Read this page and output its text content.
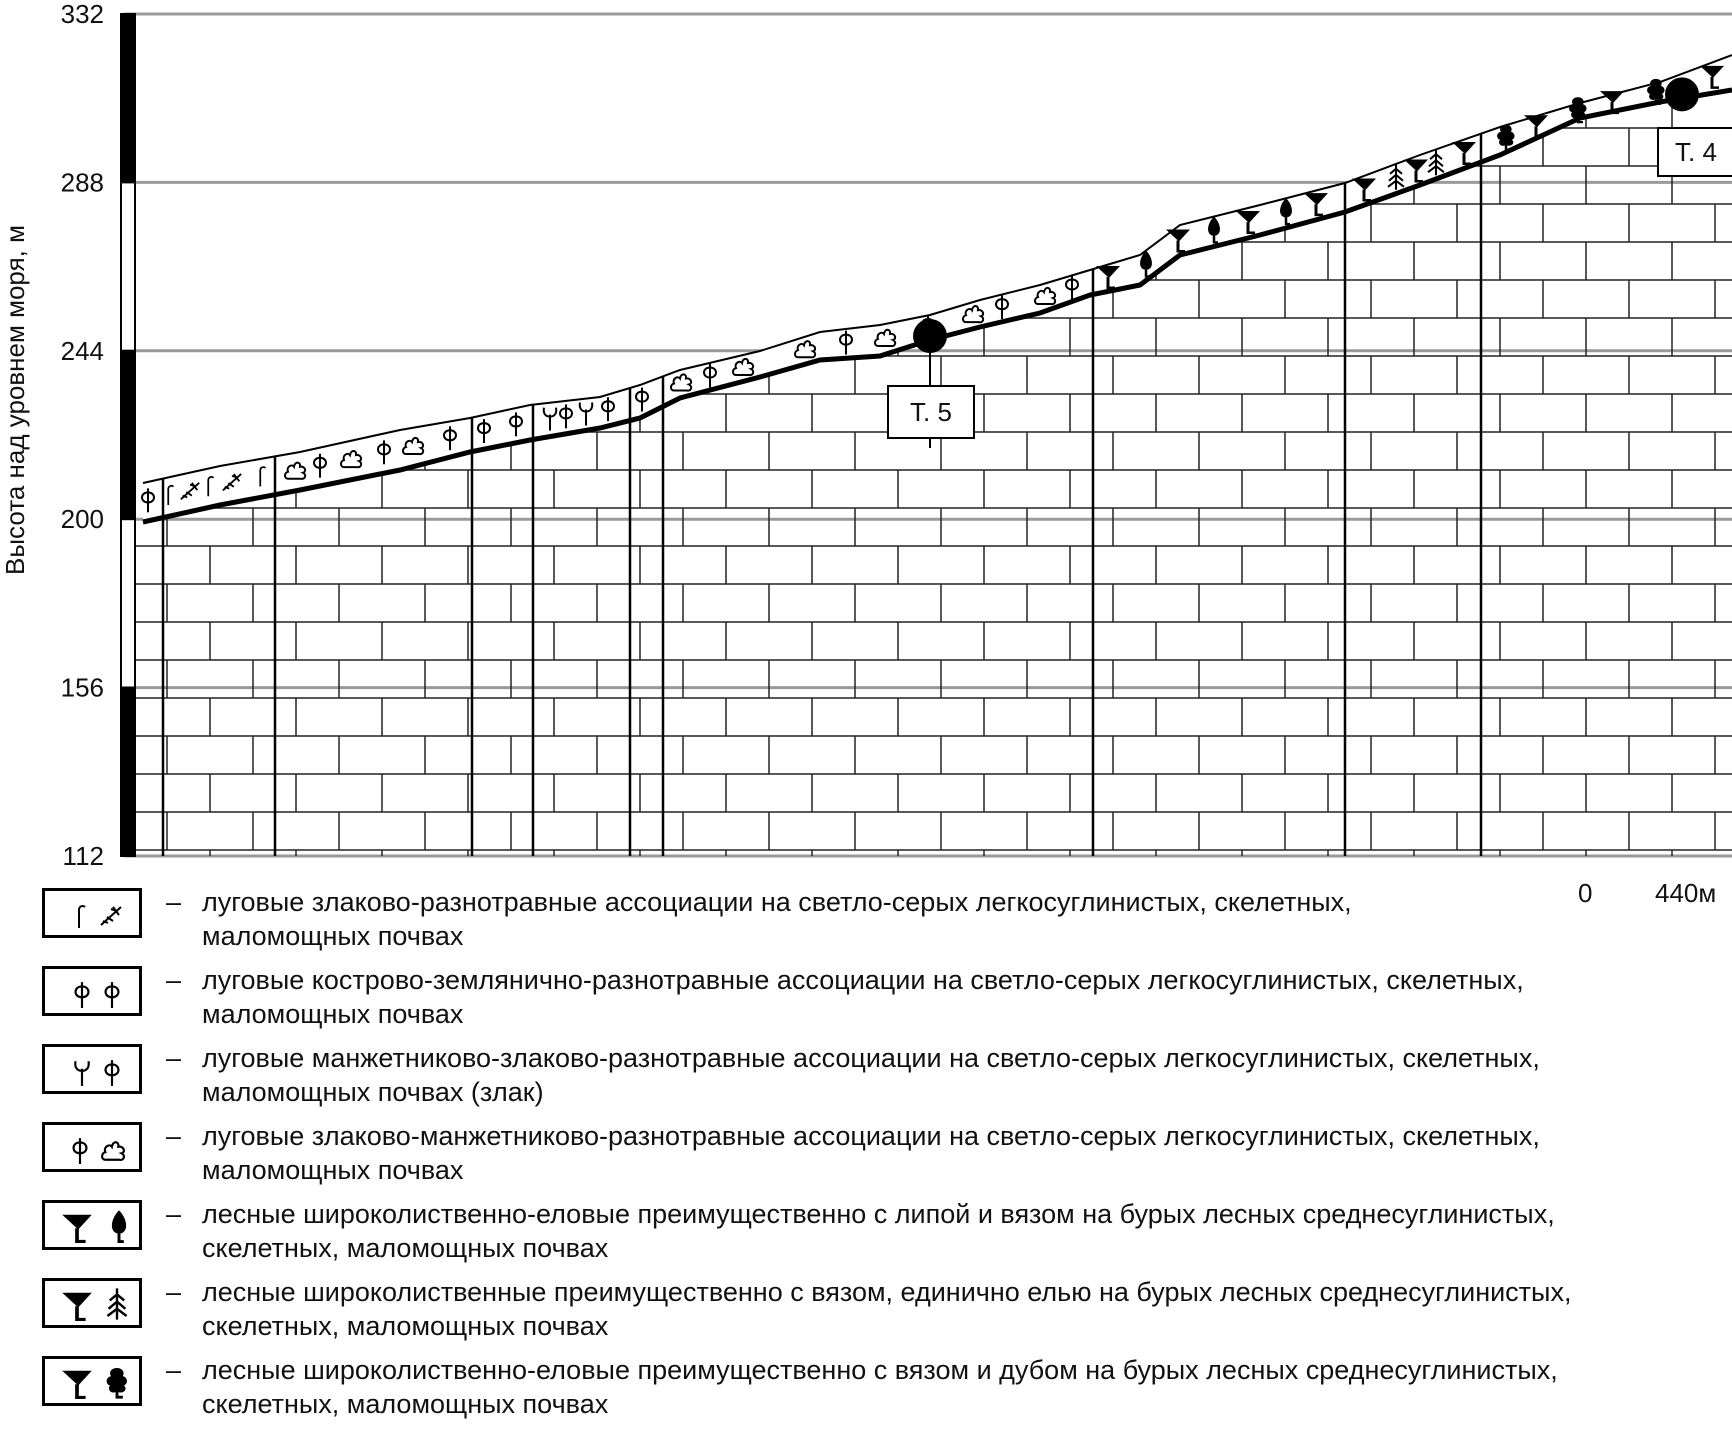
332
288
244
200
156
112
Т. 5
Т. 4
Высота над уровнем моря, м
0 440м
– луговые злаково-разнотравные ассоциации на светло-серых легкосуглинистых, скелетных,
маломощных почвах
– луговые кострово-землянично-разнотравные ассоциации на светло-серых легкосуглинистых, скелетных,
маломощных почвах
– луговые манжетниково-злаково-разнотравные ассоциации на светло-серых легкосуглинистых, скелетных,
маломощных почвах (злак)
– луговые злаково-манжетниково-разнотравные ассоциации на светло-серых легкосуглинистых, скелетных,
маломощных почвах
– лесные широколиственно-еловые преимущественно с липой и вязом на бурых лесных среднесуглинистых,
скелетных, маломощных почвах
– лесные широколиственные преимущественно с вязом, единично елью на бурых лесных среднесуглинистых,
скелетных, маломощных почвах
– лесные широколиственно-еловые преимущественно с вязом и дубом на бурых лесных среднесуглинистых,
скелетных, маломощных почвах
